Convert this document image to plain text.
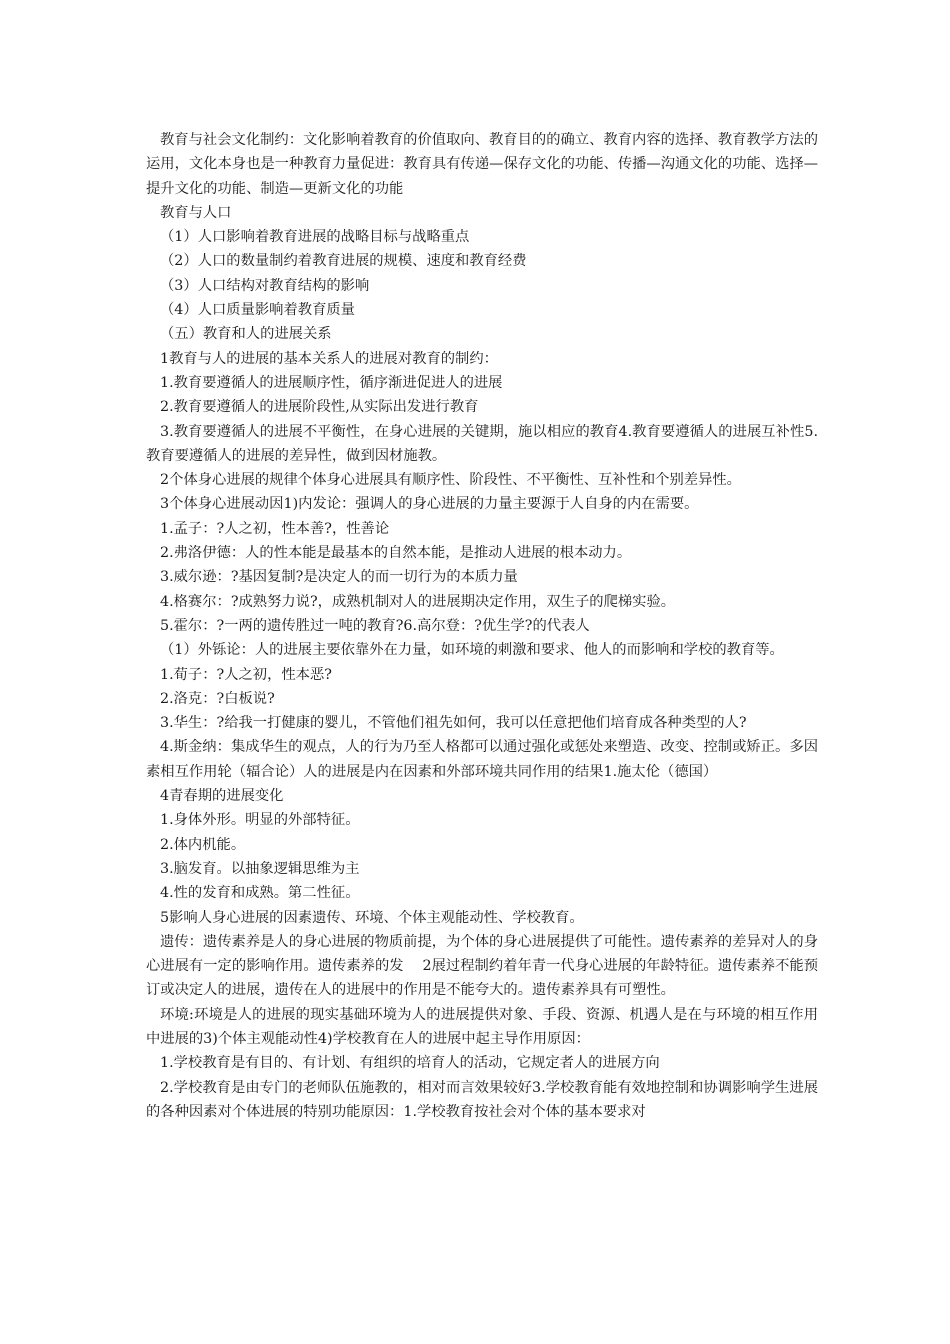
教育与社会文化制约：文化影响着教育的价值取向、教育目的的确立、教育内容的选择、教育教学方法的运用，文化本身也是一种教育力量促进：教育具有传递—保存文化的功能、传播—沟通文化的功能、选择—提升文化的功能、制造—更新文化的功能

教育与人口

（1）人口影响着教育进展的战略目标与战略重点

（2）人口的数量制约着教育进展的规模、速度和教育经费

（3）人口结构对教育结构的影响

（4）人口质量影响着教育质量

（五）教育和人的进展关系

1教育与人的进展的基本关系人的进展对教育的制约：

1.教育要遵循人的进展顺序性，循序渐进促进人的进展

2.教育要遵循人的进展阶段性,从实际出发进行教育

3.教育要遵循人的进展不平衡性，在身心进展的关键期，施以相应的教育4.教育要遵循人的进展互补性5.教育要遵循人的进展的差异性，做到因材施教。

2个体身心进展的规律个体身心进展具有顺序性、阶段性、不平衡性、互补性和个别差异性。

3个体身心进展动因1)内发论：强调人的身心进展的力量主要源于人自身的内在需要。

1.孟子：?人之初，性本善?，性善论

2.弗洛伊德：人的性本能是最基本的自然本能，是推动人进展的根本动力。

3.威尔逊：?基因复制?是决定人的而一切行为的本质力量

4.格赛尔：?成熟努力说?，成熟机制对人的进展期决定作用，双生子的爬梯实验。

5.霍尔：?一两的遗传胜过一吨的教育?6.高尔登：?优生学?的代表人

（1）外铄论：人的进展主要依靠外在力量，如环境的刺激和要求、他人的而影响和学校的教育等。

1.荀子：?人之初，性本恶?

2.洛克：?白板说?

3.华生：?给我一打健康的婴儿，不管他们祖先如何，我可以任意把他们培育成各种类型的人?

4.斯金纳：集成华生的观点，人的行为乃至人格都可以通过强化或惩处来塑造、改变、控制或矫正。多因素相互作用轮（辐合论）人的进展是内在因素和外部环境共同作用的结果1.施太伦（德国）

4青春期的进展变化

1.身体外形。明显的外部特征。

2.体内机能。

3.脑发育。以抽象逻辑思维为主

4.性的发育和成熟。第二性征。

5影响人身心进展的因素遗传、环境、个体主观能动性、学校教育。

遗传：遗传素养是人的身心进展的物质前提，为个体的身心进展提供了可能性。遗传素养的差异对人的身心进展有一定的影响作用。遗传素养的发　 2展过程制约着年青一代身心进展的年龄特征。遗传素养不能预订或决定人的进展，遗传在人的进展中的作用是不能夸大的。遗传素养具有可塑性。

环境:环境是人的进展的现实基础环境为人的进展提供对象、手段、资源、机遇人是在与环境的相互作用中进展的3)个体主观能动性4)学校教育在人的进展中起主导作用原因：

1.学校教育是有目的、有计划、有组织的培育人的活动，它规定者人的进展方向

2.学校教育是由专门的老师队伍施教的，相对而言效果较好3.学校教育能有效地控制和协调影响学生进展的各种因素对个体进展的特别功能原因：1.学校教育按社会对个体的基本要求对
